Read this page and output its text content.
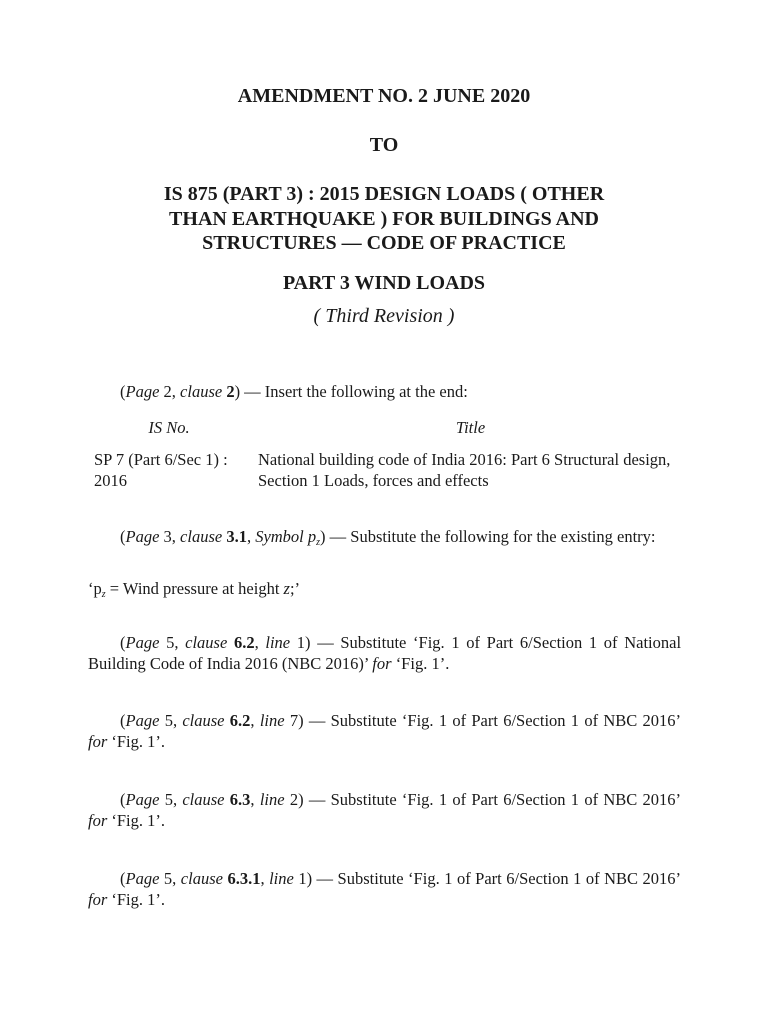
AMENDMENT NO. 2 JUNE 2020
TO
IS 875 (PART 3) : 2015 DESIGN LOADS ( OTHER
THAN EARTHQUAKE ) FOR BUILDINGS AND
STRUCTURES — CODE OF PRACTICE
PART 3 WIND LOADS
( Third Revision )

(Page 2, clause 2) — Insert the following at the end:

IS No.	Title
SP 7 (Part 6/Sec 1) : 2016
National building code of India 2016: Part 6 Structural design, Section 1 Loads, forces and effects

(Page 3, clause 3.1, Symbol $p_z$) — Substitute the following for the existing entry:

‘$p_z$ = Wind pressure at height z;’

(Page 5, clause 6.2, line 1) — Substitute ‘Fig. 1 of Part 6/Section 1 of National Building Code of India 2016 (NBC 2016)’ for ‘Fig. 1’.

(Page 5, clause 6.2, line 7) — Substitute ‘Fig. 1 of Part 6/Section 1 of NBC 2016’ for ‘Fig. 1’.

(Page 5, clause 6.3, line 2) — Substitute ‘Fig. 1 of Part 6/Section 1 of NBC 2016’ for ‘Fig. 1’.

(Page 5, clause 6.3.1, line 1) — Substitute ‘Fig. 1 of Part 6/Section 1 of NBC 2016’ for ‘Fig. 1’.
